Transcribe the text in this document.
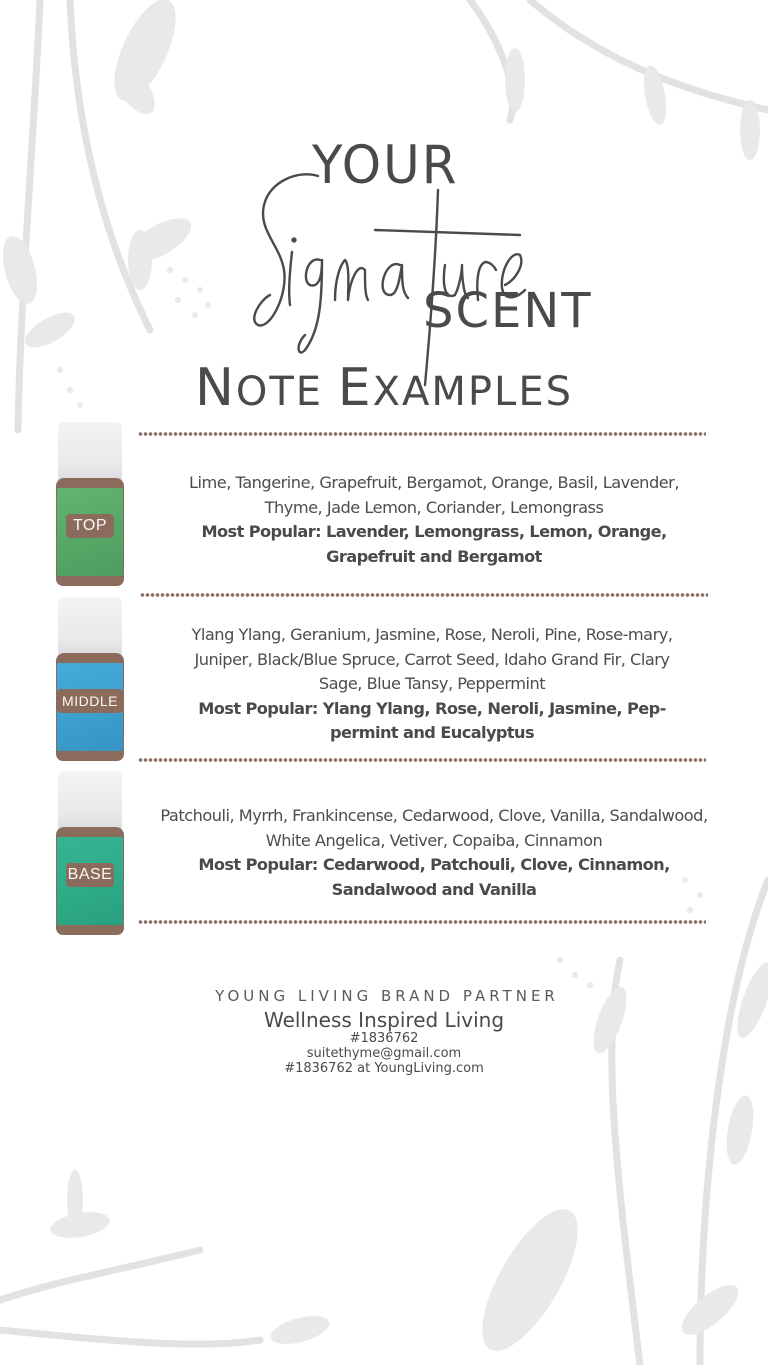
YOUR
SCENT
NOTE EXAMPLES
TOP
Lime, Tangerine, Grapefruit, Bergamot, Orange, Basil, Lavender, Thyme, Jade Lemon, Coriander, Lemongrass
Most Popular: Lavender, Lemongrass, Lemon, Orange, Grapefruit and Bergamot
MIDDLE
Ylang Ylang, Geranium, Jasmine, Rose, Neroli, Pine, Rose-mary, Juniper, Black/Blue Spruce, Carrot Seed, Idaho Grand Fir, Clary Sage, Blue Tansy, Peppermint
Most Popular: Ylang Ylang, Rose, Neroli, Jasmine, Pep-permint and Eucalyptus
BASE
Patchouli, Myrrh, Frankincense, Cedarwood, Clove, Vanilla, Sandalwood, White Angelica, Vetiver, Copaiba, Cinnamon
Most Popular: Cedarwood, Patchouli, Clove, Cinnamon, Sandalwood and Vanilla
YOUNG LIVING BRAND PARTNER
Wellness Inspired Living
#1836762
suitethyme@gmail.com
#1836762 at YoungLiving.com
